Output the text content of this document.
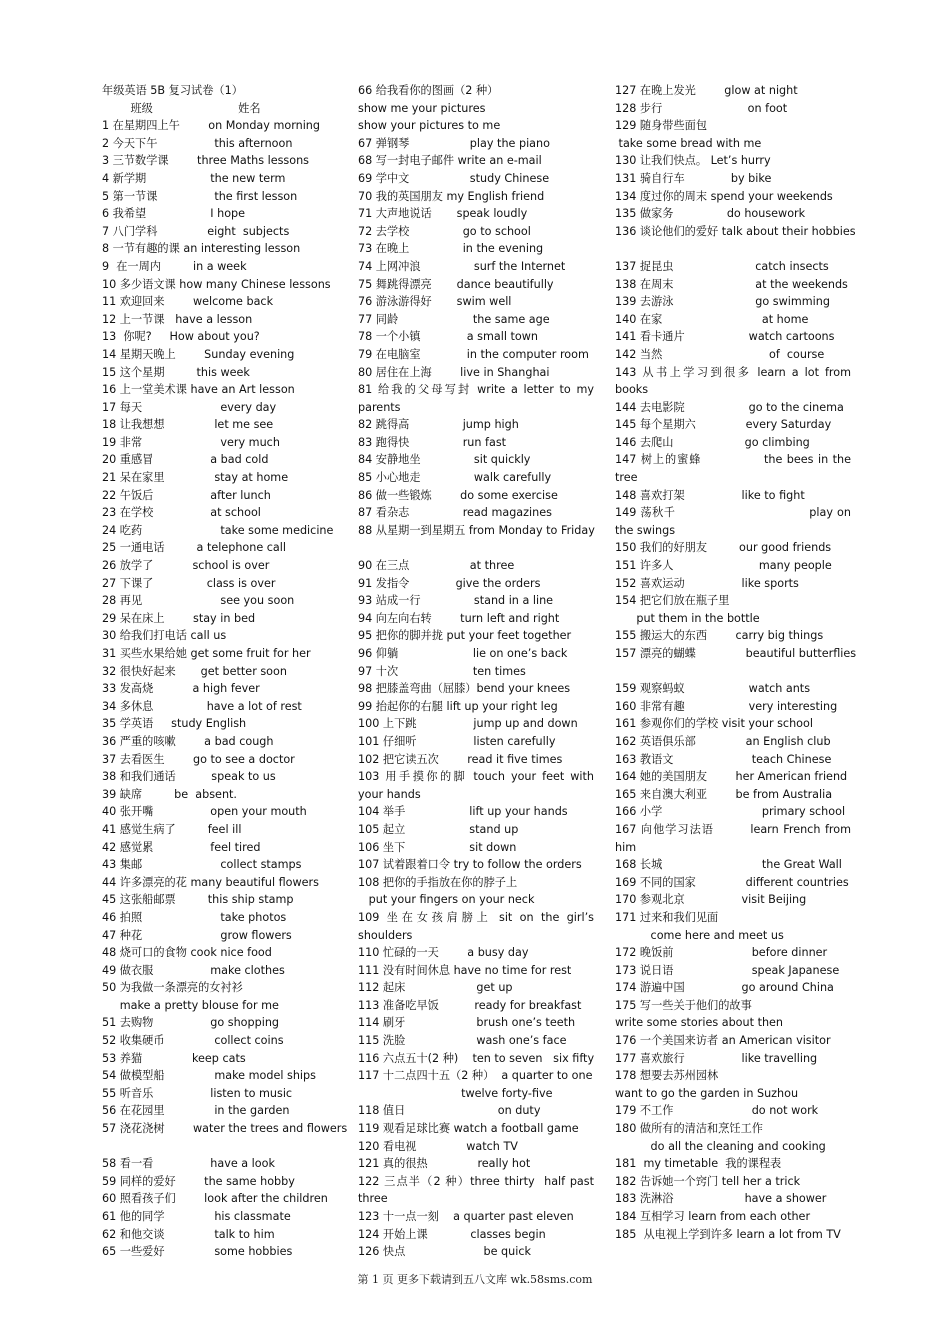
年级英语 5B 复习试卷（1）
班级                        姓名
1 在星期四上午        on Monday morning
2 今天下午                this afternoon
3 三节数学课        three Maths lessons
4 新学期                  the new term
5 第一节课                the first lesson
6 我希望                  I hope
7 八门学科              eight  subjects
8 一节有趣的课 an interesting lesson
9  在一周内         in a week
10 多少语文课 how many Chinese lessons
11 欢迎回来        welcome back
12 上一节课   have a lesson
13  你呢?     How about you?
14 星期天晚上        Sunday evening
15 这个星期         this week
16 上一堂美术课 have an Art lesson
17 每天                      every day
18 让我想想              let me see
19 非常                      very much
20 重感冒                a bad cold
21 呆在家里              stay at home
22 午饭后                after lunch
23 在学校                at school
24 吃药                      take some medicine
25 一通电话         a telephone call
26 放学了           school is over
27 下课了               class is over
28 再见                      see you soon
29 呆在床上        stay in bed
30 给我们打电话 call us
31 买些水果给她 get some fruit for her
32 很快好起来       get better soon
33 发高烧           a high fever
34 多休息               have a lot of rest
35 学英语     study English
36 严重的咳嗽        a bad cough
37 去看医生        go to see a doctor
38 和我们通话          speak to us
39 缺席         be  absent.
40 张开嘴                open your mouth
41 感觉生病了         feel ill
42 感觉累                feel tired
43 集邮                      collect stamps
44 许多漂亮的花 many beautiful flowers
45 这张船邮票         this ship stamp
46 拍照                      take photos
47 种花                      grow flowers
48 烧可口的食物 cook nice food
49 做衣服                make clothes
50 为我做一条漂亮的女衬衫
make a pretty blouse for me
51 去购物                go shopping
52 收集硬币              collect coins
53 养猫              keep cats
54 做模型船              make model ships
55 听音乐                listen to music
56 在花园里              in the garden
57 浇花浇树        water the trees and flowers
58 看一看                have a look
59 同样的爱好        the same hobby
60 照看孩子们        look after the children
61 他的同学              his classmate
62 和他交谈              talk to him
65 一些爱好              some hobbies
66 给我看你的图画（2 种）
show me your pictures
show your pictures to me
67 弹钢琴                 play the piano
68 写一封电子邮件 write an e-mail
69 学中文                 study Chinese
70 我的英国朋友 my English friend
71 大声地说话       speak loudly
72 去学校               go to school
73 在晚上               in the evening
74 上网冲浪               surf the Internet
75 舞跳得漂亮       dance beautifully
76 游泳游得好       swim well
77 同龄                     the same age
78 一个小镇             a small town
79 在电脑室             in the computer room
80 居住在上海        live in Shanghai
81 给我的父母写封 write a letter to my parents
82 跳得高               jump high
83 跑得快               run fast
84 安静地坐               sit quickly
85 小心地走               walk carefully
86 做一些锻炼        do some exercise
87 看杂志               read magazines
88 从星期一到星期五 from Monday to Friday
90 在三点                 at three
91 发指令             give the orders
93 站成一行               stand in a line
94 向左向右转        turn left and right
95 把你的脚并拢 put your feet together
96 仰躺                     lie on one’s back
97 十次                     ten times
98 把膝盖弯曲（屈膝）bend your knees
99 抬起你的右腿 lift up your right leg
100 上下跳                jump up and down
101 仔细听                listen carefully
102 把它读五次        read it five times
103 用手摸你的脚 touch your feet with your hands
104 举手                  lift up your hands
105 起立                  stand up
106 坐下                  sit down
107 试着跟着口令 try to follow the orders
108 把你的手指放在你的脖子上
put your fingers on your neck
109 坐在女孩肩膀上 sit on the girl’s shoulders
110 忙碌的一天        a busy day
111 没有时间休息 have no time for rest
112 起床                    get up
113 准备吃早饭          ready for breakfast
114 刷牙                    brush one’s teeth
115 洗脸                    wash one’s face
116 六点五十(2 种)    ten to seven   six fifty
117 十二点四十五（2 种）  a quarter to one
twelve forty-five
118 值日                          on duty
119 观看足球比赛 watch a football game
120 看电视              watch TV
121 真的很热              really hot
122 三点半（2 种）three thirty  half past three
123 十一点一刻    a quarter past eleven
124 开始上课            classes begin
126 快点                      be quick
127 在晚上发光        glow at night
128 步行                        on foot
129 随身带些面包
take some bread with me
130 让我们快点。 Let’s hurry
131 骑自行车             by bike
134 度过你的周末 spend your weekends
135 做家务               do housework
136 谈论他们的爱好 talk about their hobbies
137 捉昆虫                       catch insects
138 在周末                       at the weekends
139 去游泳                       go swimming
140 在家                            at home
141 看卡通片                  watch cartoons
142 当然                              of  course
143 从书上学习到很多 learn a lot from books
144 去电影院                  go to the cinema
145 每个星期六              every Saturday
146 去爬山                    go climbing
147 树上的蜜蜂              the bees in the tree
148 喜欢打架                like to fight
149 荡秋千                                 play on the swings
150 我们的好朋友         our good friends
151 许多人                        many people
152 喜欢运动                like sports
154 把它们放在瓶子里
put them in the bottle
155 搬运大的东西        carry big things
157 漂亮的蝴蝶              beautiful butterflies
159 观察蚂蚁                  watch ants
160 非常有趣                  very interesting
161 参观你们的学校 visit your school
162 英语俱乐部              an English club
163 教语文                      teach Chinese
164 她的美国朋友        her American friend
165 来自澳大利亚        be from Australia
166 小学                            primary school
167 向他学习法语        learn French from him
168 长城                            the Great Wall
169 不同的国家              different countries
170 参观北京                visit Beijing
171 过来和我们见面
come here and meet us
172 晚饭前                      before dinner
173 说日语                      speak Japanese
174 游遍中国                go around China
175 写一些关于他们的故事
write some stories about then
176 一个美国来访者 an American visitor
177 喜欢旅行                like travelling
178 想要去苏州园林
want to go the garden in Suzhou
179 不工作                      do not work
180 做所有的清洁和烹饪工作
do all the cleaning and cooking
181  my timetable  我的课程表
182 告诉她一个窍门 tell her a trick
183 洗淋浴                    have a shower
184 互相学习 learn from each other
185  从电视上学到许多 learn a lot from TV
第 1 页 更多下载请到五八文库 wk.58sms.com
